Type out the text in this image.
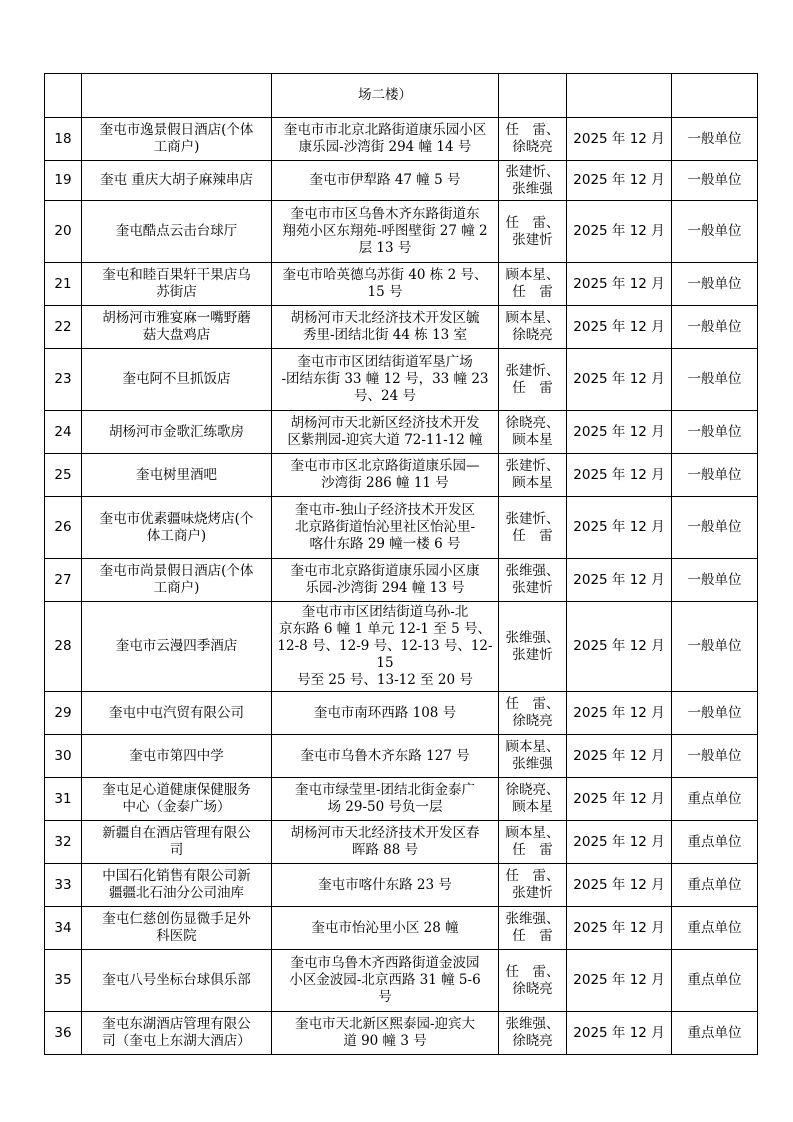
		场二楼）			

18	奎屯市逸景假日酒店(个体
工商户)	奎屯市市北京北路街道康乐园小区
康乐园-沙湾街 294 幢 14 号	任　雷、
徐晓亮	2025 年 12 月	一般单位
19	奎屯 重庆大胡子麻辣串店	奎屯市伊犁路 47 幢 5 号	张建忻、
张维强	2025 年 12 月	一般单位
20	奎屯酷点云击台球厅	奎屯市市区乌鲁木齐东路街道东
翔苑小区东翔苑-呼图壁街 27 幢 2
层 13 号	任　雷、
张建忻	2025 年 12 月	一般单位
21	奎屯和睦百果轩干果店乌
苏街店	奎屯市哈英德乌苏街 40 栋 2 号、
15 号	顾本星、
任　雷	2025 年 12 月	一般单位
22	胡杨河市雅宴麻一嘴野蘑
菇大盘鸡店	胡杨河市天北经济技术开发区毓
秀里-团结北街 44 栋 13 室	顾本星、
徐晓亮	2025 年 12 月	一般单位
23	奎屯阿不旦抓饭店	奎屯市市区团结街道军垦广场
-团结东街 33 幢 12 号，33 幢 23
号、24 号	张建忻、
任　雷	2025 年 12 月	一般单位
24	胡杨河市金歌汇练歌房	胡杨河市天北新区经济技术开发
区紫荆园-迎宾大道 72-11-12 幢	徐晓亮、
顾本星	2025 年 12 月	一般单位
25	奎屯树里酒吧	奎屯市市区北京路街道康乐园—
沙湾街 286 幢 11 号	张建忻、
顾本星	2025 年 12 月	一般单位
26	奎屯市优素疆味烧烤店(个
体工商户)	奎屯市-独山子经济技术开发区
北京路街道怡沁里社区怡沁里-
喀什东路 29 幢一楼 6 号	张建忻、
任　雷	2025 年 12 月	一般单位
27	奎屯市尚景假日酒店(个体
工商户)	奎屯市北京路街道康乐园小区康
乐园-沙湾街 294 幢 13 号	张维强、
张建忻	2025 年 12 月	一般单位
28	奎屯市云漫四季酒店	奎屯市市区团结街道乌孙-北
京东路 6 幢 1 单元 12-1 至 5 号、
12-8 号、12-9 号、12-13 号、12-15
号至 25 号、13-12 至 20 号	张维强、
张建忻	2025 年 12 月	一般单位
29	奎屯中屯汽贸有限公司	奎屯市南环西路 108 号	任　雷、
徐晓亮	2025 年 12 月	一般单位
30	奎屯市第四中学	奎屯市乌鲁木齐东路 127 号	顾本星、
张维强	2025 年 12 月	一般单位
31	奎屯足心道健康保健服务
中心（金泰广场）	奎屯市绿莹里-团结北街金泰广
场 29-50 号负一层	徐晓亮、
顾本星	2025 年 12 月	重点单位
32	新疆自在酒店管理有限公
司	胡杨河市天北经济技术开发区春
晖路 88 号	顾本星、
任　雷	2025 年 12 月	重点单位
33	中国石化销售有限公司新
疆疆北石油分公司油库	奎屯市喀什东路 23 号	任　雷、
张建忻	2025 年 12 月	重点单位
34	奎屯仁慈创伤显微手足外
科医院	奎屯市怡沁里小区 28 幢	张维强、
任　雷	2025 年 12 月	重点单位
35	奎屯八号坐标台球俱乐部	奎屯市乌鲁木齐西路街道金波园
小区金波园-北京西路 31 幢 5-6
号	任　雷、
徐晓亮	2025 年 12 月	重点单位
36	奎屯东湖酒店管理有限公
司（奎屯上东湖大酒店）	奎屯市天北新区熙泰园-迎宾大
道 90 幢 3 号	张维强、
徐晓亮	2025 年 12 月	重点单位
